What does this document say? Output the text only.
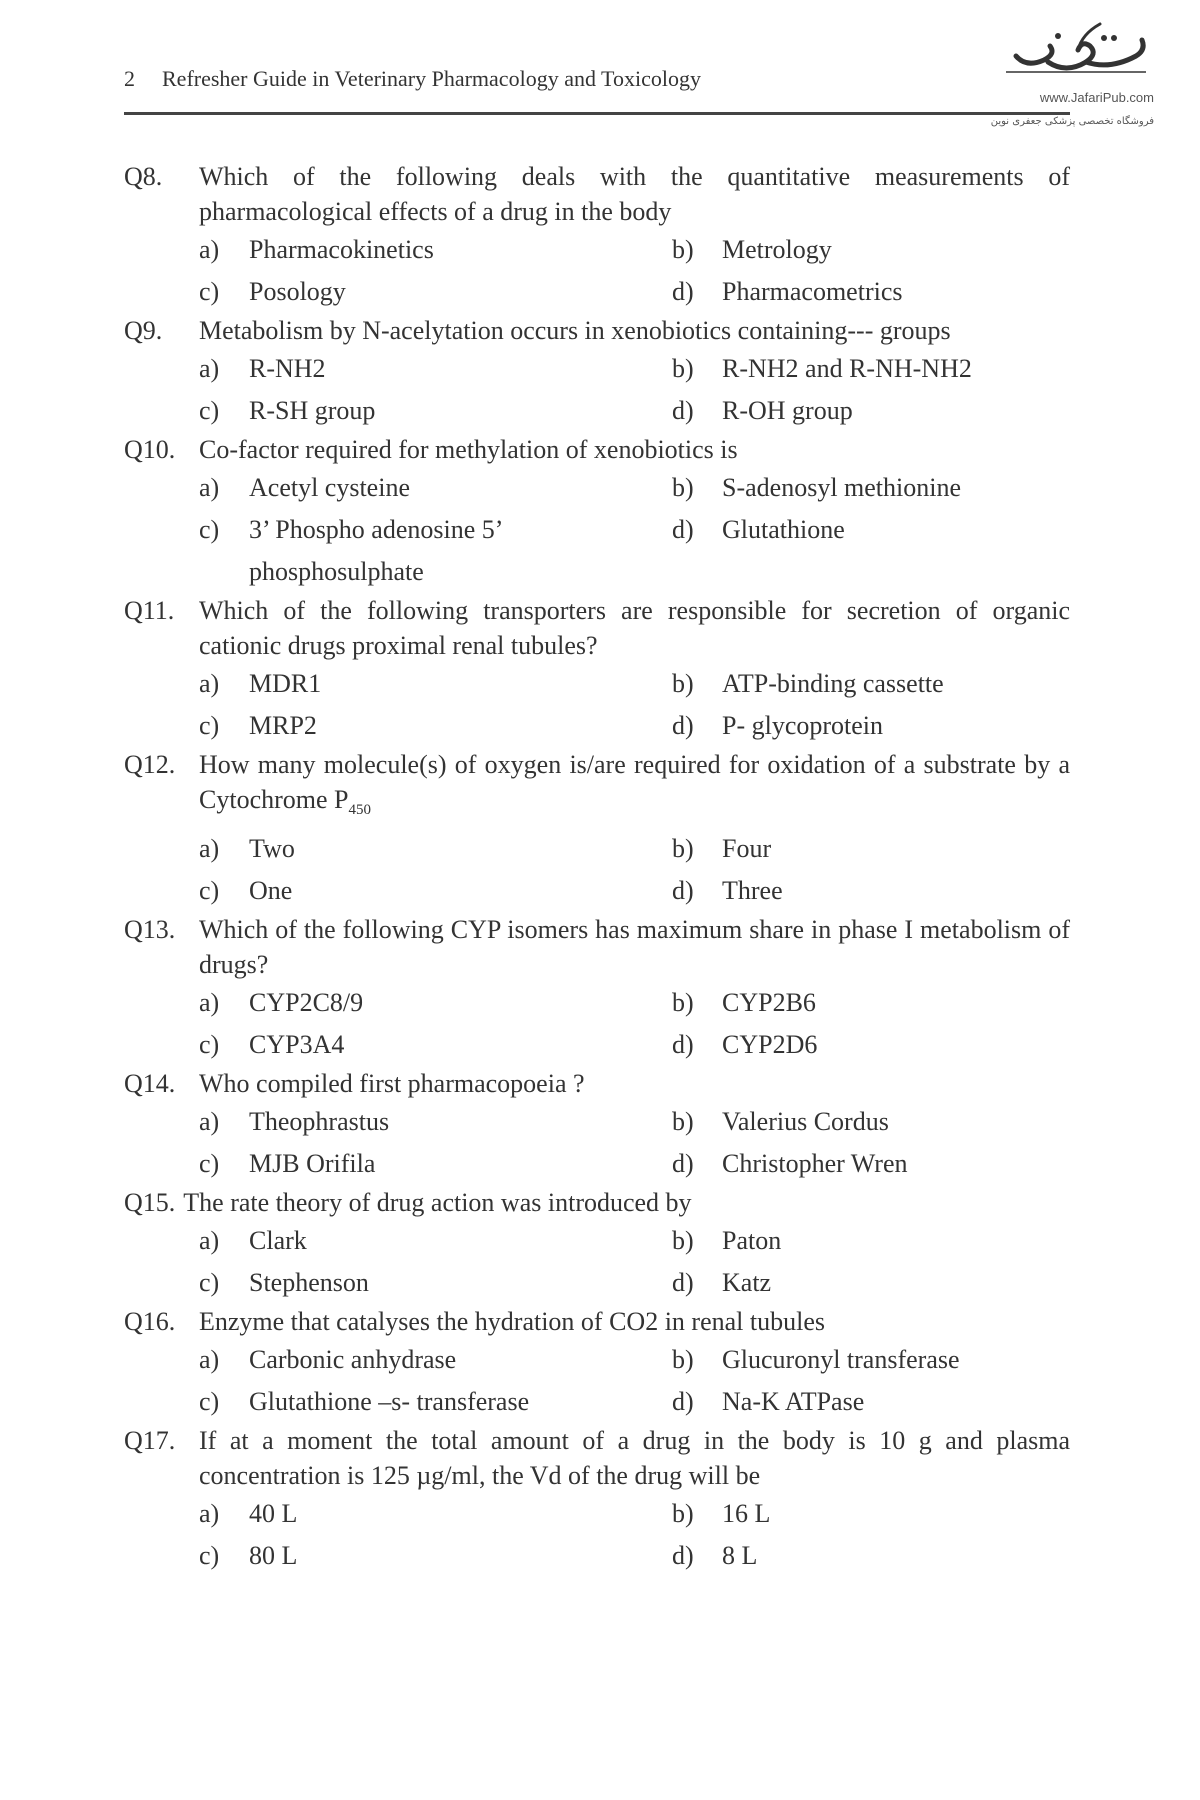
2 Refresher Guide in Veterinary Pharmacology and Toxicology
www.JafariPub.com
فروشگاه تخصصی پزشکی جعفری نوین
Q8. Which of the following deals with the quantitative measurements of pharmacological effects of a drug in the body
a) Pharmacokinetics	b) Metrology
c) Posology	d) Pharmacometrics
Q9. Metabolism by N-acelytation occurs in xenobiotics containing--- groups
a) R-NH2	b) R-NH2 and R-NH-NH2
c) R-SH group	d) R-OH group
Q10. Co-factor required for methylation of xenobiotics is
a) Acetyl cysteine	b) S-adenosyl methionine
c) 3’ Phospho adenosine 5’ phosphosulphate
d) Glutathione
Q11. Which of the following transporters are responsible for secretion of organic cationic drugs proximal renal tubules?
a) MDR1	b) ATP-binding cassette
c) MRP2	d) P- glycoprotein
Q12. How many molecule(s) of oxygen is/are required for oxidation of a substrate by a Cytochrome $P_{450}$
a) Two	b) Four
c) One	d) Three
Q13. Which of the following CYP isomers has maximum share in phase I metabolism of drugs?
a) CYP2C8/9	b) CYP2B6
c) CYP3A4	d) CYP2D6
Q14. Who compiled first pharmacopoeia ?
a) Theophrastus	b) Valerius Cordus
c) MJB Orifila	d) Christopher Wren
Q15. The rate theory of drug action was introduced by
a) Clark	b) Paton
c) Stephenson	d) Katz
Q16. Enzyme that catalyses the hydration of CO2 in renal tubules
a) Carbonic anhydrase	b) Glucuronyl transferase
c) Glutathione –s- transferase	d) Na-K ATPase
Q17. If at a moment the total amount of a drug in the body is 10 g and plasma concentration is 125 µg/ml, the Vd of the drug will be
a) 40 L	b) 16 L
c) 80 L	d) 8 L
